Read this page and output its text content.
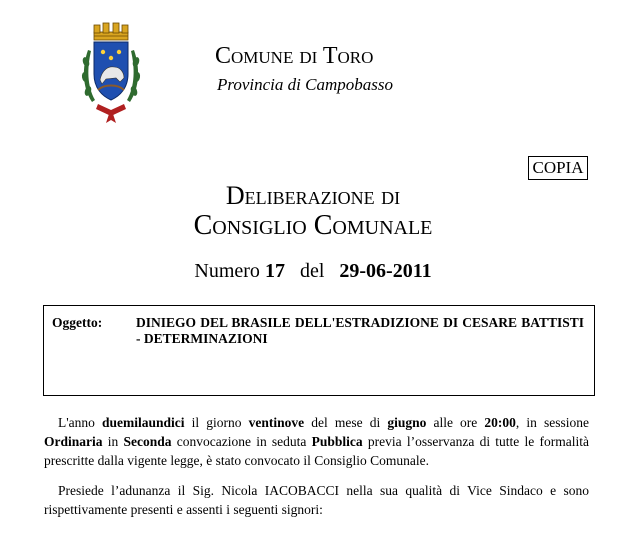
Comune di Toro
Provincia di Campobasso
COPIA
Deliberazione di
Consiglio Comunale
Numero 17 del 29-06-2011
Oggetto:	DINIEGO DEL BRASILE DELL'ESTRADIZIONE DI CESARE BATTISTI - DETERMINAZIONI
L'anno duemilaundici il giorno ventinove del mese di giugno alle ore 20:00, in sessione Ordinaria in Seconda convocazione in seduta Pubblica previa l’osservanza di tutte le formalità prescritte dalla vigente legge, è stato convocato il Consiglio Comunale.
Presiede l’adunanza il Sig. Nicola IACOBACCI nella sua qualità di Vice Sindaco e sono rispettivamente presenti e assenti i seguenti signori:
